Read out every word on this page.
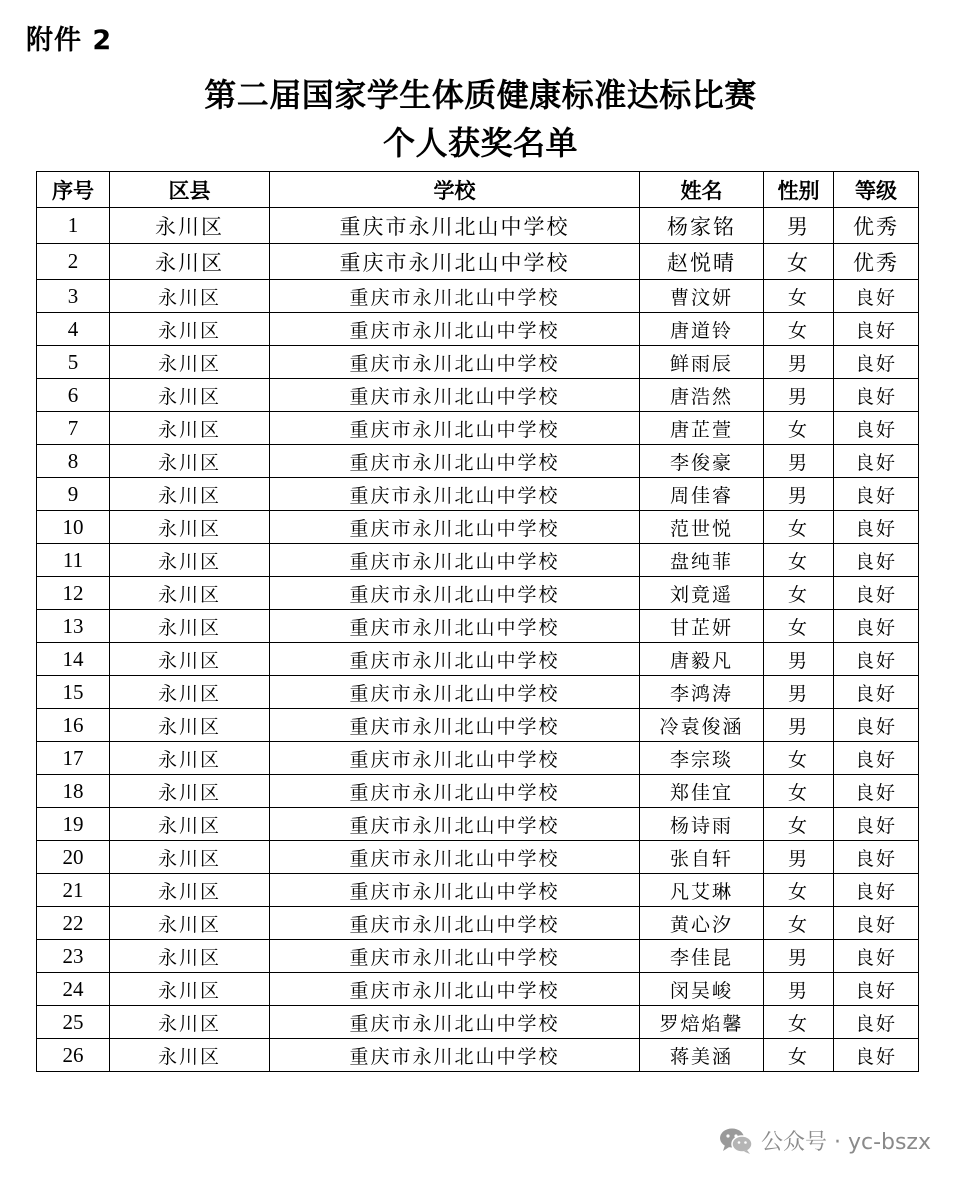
附件 2
第二届国家学生体质健康标准达标比赛
个人获奖名单
序号	区县	学校	姓名	性别	等级
1	永川区	重庆市永川北山中学校	杨家铭	男	优秀
2	永川区	重庆市永川北山中学校	赵悦晴	女	优秀
3	永川区	重庆市永川北山中学校	曹汶妍	女	良好
4	永川区	重庆市永川北山中学校	唐道铃	女	良好
5	永川区	重庆市永川北山中学校	鲜雨辰	男	良好
6	永川区	重庆市永川北山中学校	唐浩然	男	良好
7	永川区	重庆市永川北山中学校	唐芷萱	女	良好
8	永川区	重庆市永川北山中学校	李俊豪	男	良好
9	永川区	重庆市永川北山中学校	周佳睿	男	良好
10	永川区	重庆市永川北山中学校	范世悦	女	良好
11	永川区	重庆市永川北山中学校	盘纯菲	女	良好
12	永川区	重庆市永川北山中学校	刘竟遥	女	良好
13	永川区	重庆市永川北山中学校	甘芷妍	女	良好
14	永川区	重庆市永川北山中学校	唐毅凡	男	良好
15	永川区	重庆市永川北山中学校	李鸿涛	男	良好
16	永川区	重庆市永川北山中学校	冷袁俊涵	男	良好
17	永川区	重庆市永川北山中学校	李宗琰	女	良好
18	永川区	重庆市永川北山中学校	郑佳宜	女	良好
19	永川区	重庆市永川北山中学校	杨诗雨	女	良好
20	永川区	重庆市永川北山中学校	张自轩	男	良好
21	永川区	重庆市永川北山中学校	凡艾琳	女	良好
22	永川区	重庆市永川北山中学校	黄心汐	女	良好
23	永川区	重庆市永川北山中学校	李佳昆	男	良好
24	永川区	重庆市永川北山中学校	闵吴峻	男	良好
25	永川区	重庆市永川北山中学校	罗焙焰馨	女	良好
26	永川区	重庆市永川北山中学校	蒋美涵	女	良好
公众号 · yc-bszx
